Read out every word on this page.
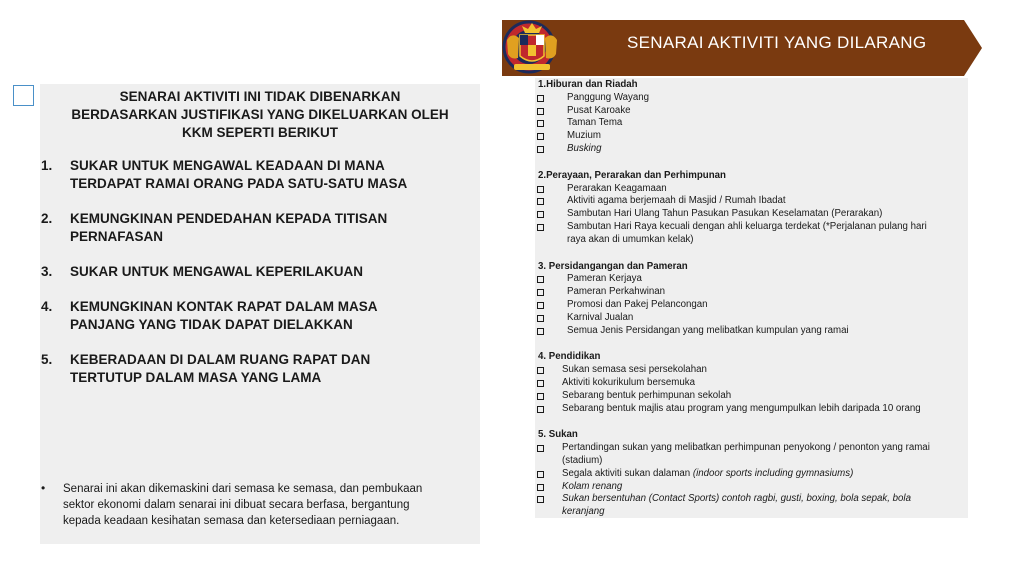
SENARAI AKTIVITI INI TIDAK DIBENARKAN
BERDASARKAN JUSTIFIKASI YANG DIKELUARKAN OLEH
KKM SEPERTI BERIKUT
1. SUKAR UNTUK MENGAWAL KEADAAN DI MANA
TERDAPAT RAMAI ORANG PADA SATU-SATU MASA
2. KEMUNGKINAN PENDEDAHAN KEPADA TITISAN
PERNAFASAN
3. SUKAR UNTUK MENGAWAL KEPERILAKUAN
4. KEMUNGKINAN KONTAK RAPAT DALAM MASA
PANJANG YANG TIDAK DAPAT DIELAKKAN
5. KEBERADAAN DI DALAM RUANG RAPAT DAN
TERTUTUP DALAM MASA YANG LAMA
• Senarai ini akan dikemaskini dari semasa ke semasa, dan pembukaan
sektor ekonomi dalam senarai ini dibuat secara berfasa, bergantung
kepada keadaan kesihatan semasa dan ketersediaan perniagaan.
SENARAI AKTIVITI YANG DILARANG
1.Hiburan dan Riadah
Panggung Wayang
Pusat Karoake
Taman Tema
Muzium
Busking
2.Perayaan, Perarakan dan Perhimpunan
Perarakan Keagamaan
Aktiviti agama berjemaah di Masjid / Rumah Ibadat
Sambutan Hari Ulang Tahun Pasukan Pasukan Keselamatan (Perarakan)
Sambutan Hari Raya kecuali dengan ahli keluarga terdekat (*Perjalanan pulang hari
raya akan di umumkan kelak)
3. Persidangangan dan Pameran
Pameran Kerjaya
Pameran Perkahwinan
Promosi dan Pakej Pelancongan
Karnival Jualan
Semua Jenis Persidangan yang melibatkan kumpulan yang ramai
4. Pendidikan
Sukan semasa sesi persekolahan
Aktiviti kokurikulum bersemuka
Sebarang bentuk perhimpunan sekolah
Sebarang bentuk majlis atau program yang mengumpulkan lebih daripada 10 orang
5. Sukan
Pertandingan sukan yang melibatkan perhimpunan penyokong / penonton yang ramai
(stadium)
Segala aktiviti sukan dalaman (indoor sports including gymnasiums)
Kolam renang
Sukan bersentuhan (Contact Sports) contoh ragbi, gusti, boxing, bola sepak, bola
keranjang
